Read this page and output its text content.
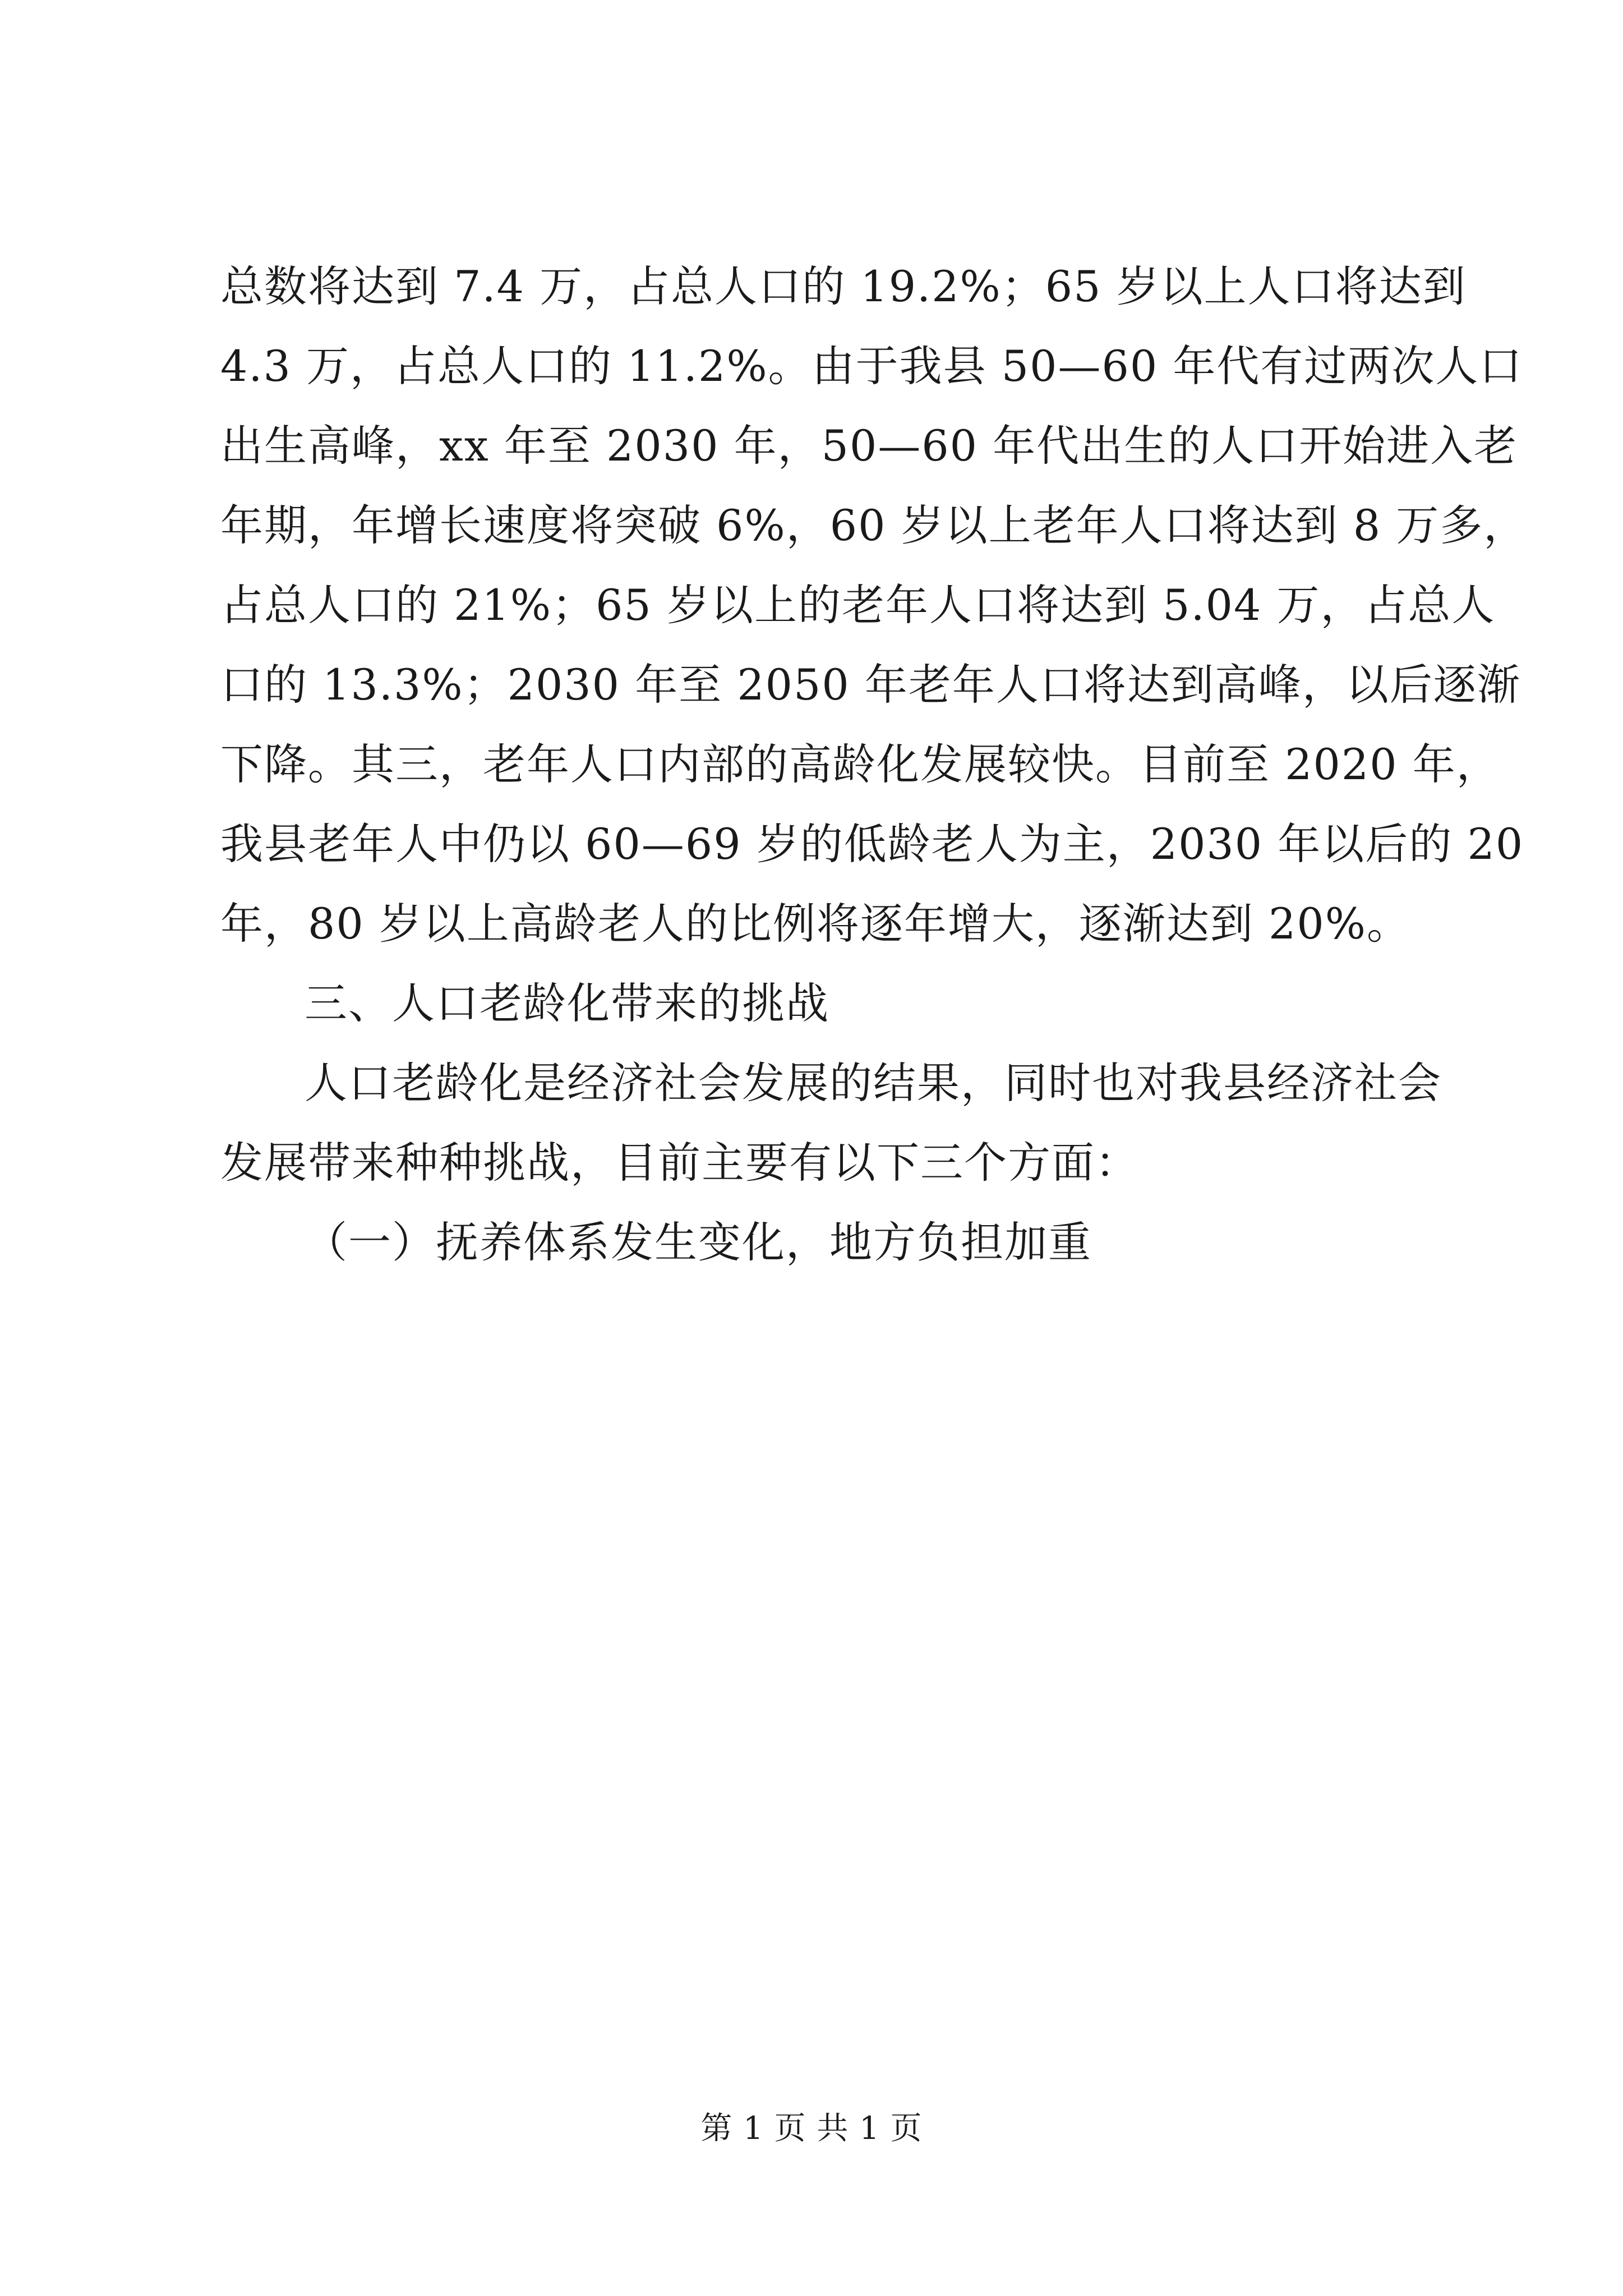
总数将达到 7.4 万，占总人口的 19.2%；65 岁以上人口将达到
4.3 万，占总人口的 11.2%。由于我县 50—60 年代有过两次人口
出生高峰，xx 年至 2030 年，50—60 年代出生的人口开始进入老
年期，年增长速度将突破 6%，60 岁以上老年人口将达到 8 万多，
占总人口的 21%；65 岁以上的老年人口将达到 5.04 万，占总人
口的 13.3%；2030 年至 2050 年老年人口将达到高峰，以后逐渐
下降。其三，老年人口内部的高龄化发展较快。目前至 2020 年，
我县老年人中仍以 60—69 岁的低龄老人为主，2030 年以后的 20
年，80 岁以上高龄老人的比例将逐年增大，逐渐达到 20%。
三、人口老龄化带来的挑战
人口老龄化是经济社会发展的结果，同时也对我县经济社会
发展带来种种挑战，目前主要有以下三个方面：
（一）抚养体系发生变化，地方负担加重
第 1 页 共 1 页
